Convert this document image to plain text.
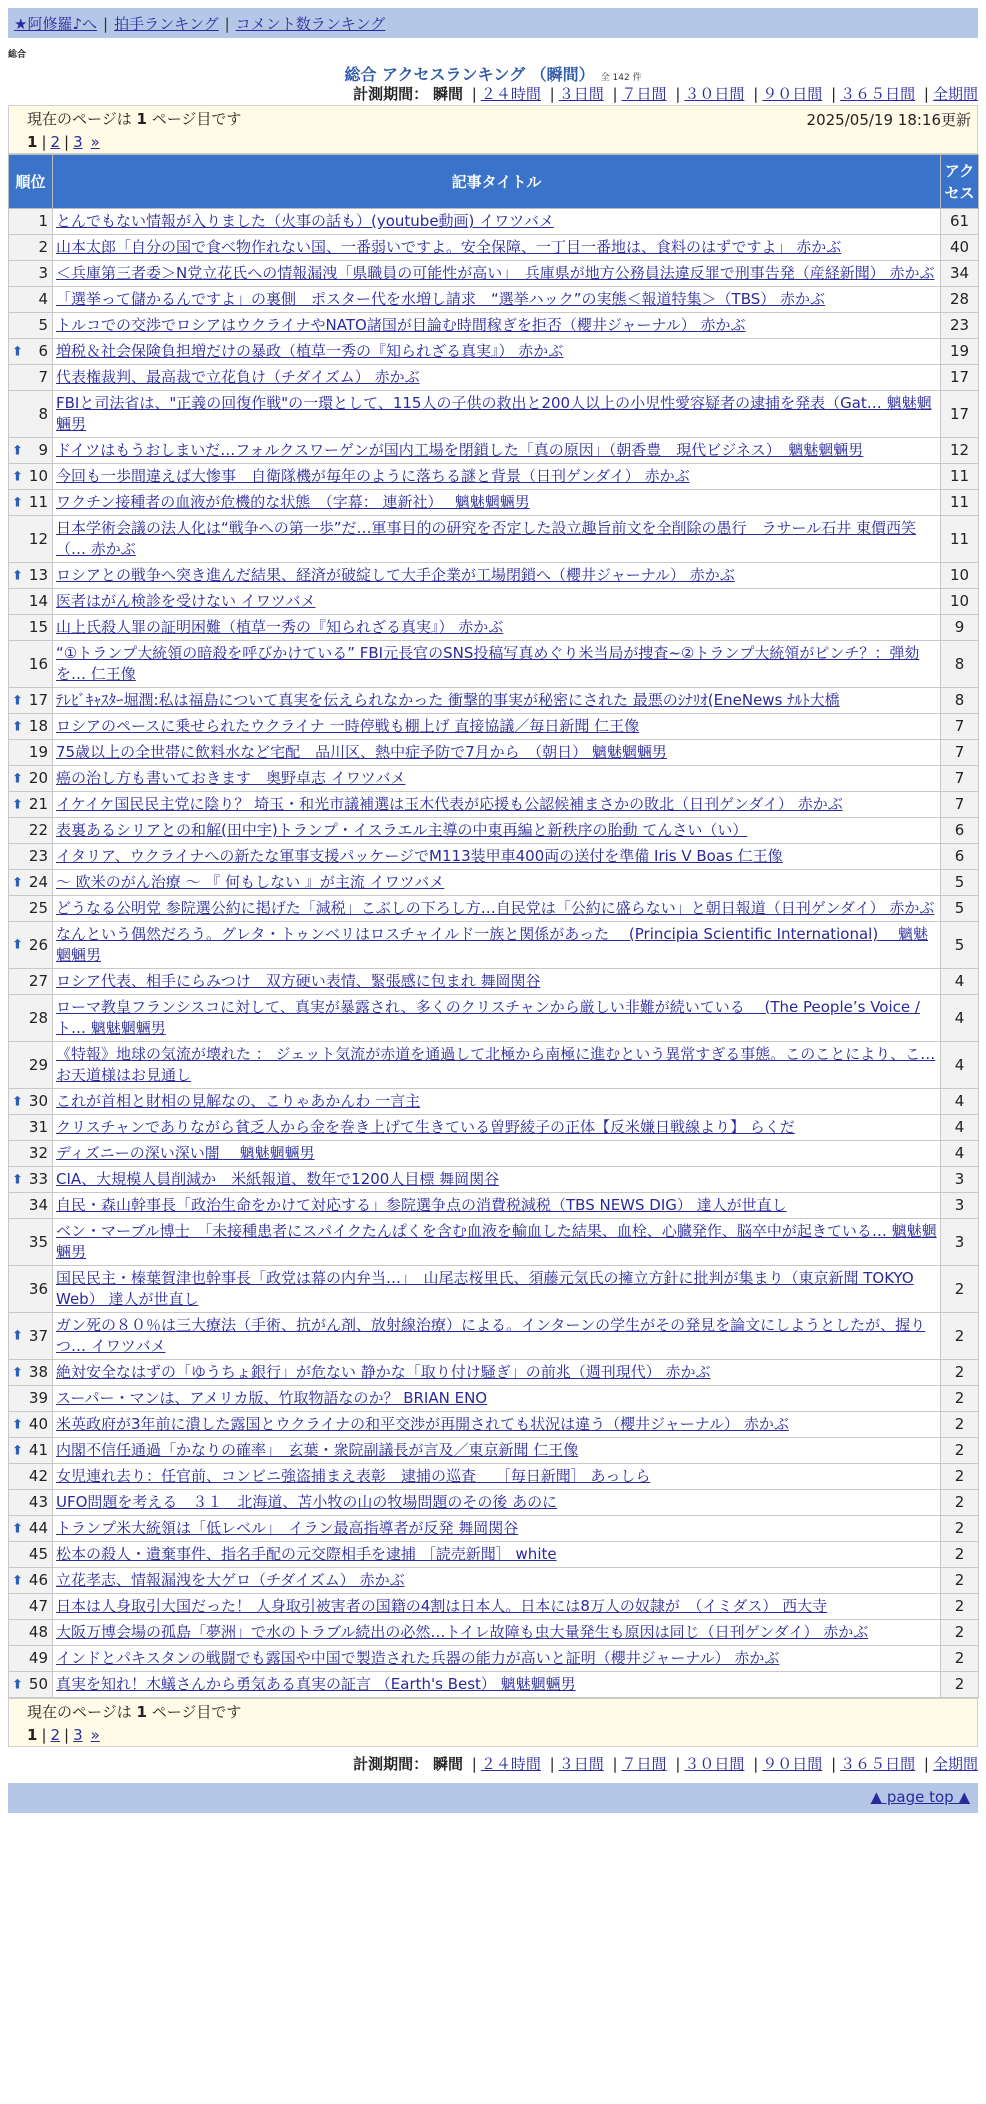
★阿修羅♪へ | 拍手ランキング | コメント数ランキング
総合
総合 アクセスランキング （瞬間） 全 142 件
計測期間： 瞬間 | ２４時間 | ３日間 | ７日間 | ３０日間 | ９０日間 | ３６５日間 | 全期間
現在のページは 1 ページ目です	2025/05/19 18:16更新
1 | 2 | 3 »
順位	記事タイトル	アクセス
1	とんでもない情報が入りました（火事の話も）(youtube動画) イワツバメ	61
2	山本太郎「自分の国で食べ物作れない国、一番弱いですよ。安全保障、一丁目一番地は、食料のはずですよ」 赤かぶ	40
3	＜兵庫第三者委＞N党立花氏への情報漏洩「県職員の可能性が高い」　兵庫県が地方公務員法違反罪で刑事告発（産経新聞） 赤かぶ	34
4	「選挙って儲かるんですよ」の裏側　ポスター代を水増し請求　“選挙ハック”の実態＜報道特集＞（TBS） 赤かぶ	28
5	トルコでの交渉でロシアはウクライナやNATO諸国が目論む時間稼ぎを拒否（櫻井ジャーナル） 赤かぶ	23

⬆ 6	増税＆社会保険負担増だけの暴政（植草一秀の『知られざる真実』） 赤かぶ	19
7	代表権裁判、最高裁で立花負け（チダイズム） 赤かぶ	17
8	FBIと司法省は、"正義の回復作戦"の一環として、115人の子供の救出と200人以上の小児性愛容疑者の逮捕を発表（Gat… 魑魅魍魎男	17

⬆ 9	ドイツはもうおしまいだ…フォルクスワーゲンが国内工場を閉鎖した「真の原因」（朝香豊　現代ビジネス）　魑魅魍魎男	12

⬆ 10	今回も一歩間違えば大惨事　自衛隊機が毎年のように落ちる謎と背景（日刊ゲンダイ） 赤かぶ	11

⬆ 11	ワクチン接種者の血液が危機的な状態　（字幕： 連新社）　 魑魅魍魎男	11
12	日本学術会議の法人化は“戦争への第一歩”だ…軍事目的の研究を否定した設立趣旨前文を全削除の愚行　ラサール石井 東價西笑（… 赤かぶ	11

⬆ 13	ロシアとの戦争へ突き進んだ結果、経済が破綻して大手企業が工場閉鎖へ（櫻井ジャーナル） 赤かぶ	10
14	医者はがん検診を受けない イワツバメ	10
15	山上氏殺人罪の証明困難（植草一秀の『知られざる真実』） 赤かぶ	9
16	“①トランプ大統領の暗殺を呼びかけている” FBI元長官のSNS投稿写真めぐり米当局が捜査~②トランプ大統領がピンチ？：弾劾を… 仁王像	8

⬆ 17	ﾃﾚﾋﾞｷｬｽﾀｰ堀潤:私は福島について真実を伝えられなかった 衝撃的事実が秘密にされた 最悪のｼﾅﾘｵ(EneNews ﾅﾙﾄ大橋	8

⬆ 18	ロシアのペースに乗せられたウクライナ 一時停戦も棚上げ 直接協議／毎日新聞 仁王像	7
19	75歳以上の全世帯に飲料水など宅配　品川区、熱中症予防で7月から　（朝日） 魑魅魍魎男	7

⬆ 20	癌の治し方も書いておきます　奥野卓志 イワツバメ	7

⬆ 21	イケイケ国民民主党に陰り？ 埼玉・和光市議補選は玉木代表が応援も公認候補まさかの敗北（日刊ゲンダイ） 赤かぶ	7
22	表裏あるシリアとの和解(田中宇)トランプ・イスラエル主導の中東再編と新秩序の胎動 てんさい（い）	6
23	イタリア、ウクライナへの新たな軍事支援パッケージでM113装甲車400両の送付を準備 Iris V Boas 仁王像	6

⬆ 24	〜 欧米のがん治療 〜 『 何もしない 』が主流 イワツバメ	5
25	どうなる公明党 参院選公約に掲げた「減税」こぶしの下ろし方…自民党は「公約に盛らない」と朝日報道（日刊ゲンダイ） 赤かぶ	5

⬆ 26	なんという偶然だろう。グレタ・トゥンベリはロスチャイルド一族と関係があった　 (Principia Scientific International)　 魑魅魍魎男	5
27	ロシア代表、相手にらみつけ　双方硬い表情、緊張感に包まれ 舞岡関谷	4
28	ローマ教皇フランシスコに対して、真実が暴露され、多くのクリスチャンから厳しい非難が続いている　 (The People’s Voice / ト… 魑魅魍魎男	4
29	《特報》地球の気流が壊れた ： ジェット気流が赤道を通過して北極から南極に進むという異常すぎる事態。このことにより、こ… お天道様はお見通し	4

⬆ 30	これが首相と財相の見解なの、こりゃあかんわ 一言主	4
31	クリスチャンでありながら貧乏人から金を巻き上げて生きている曽野綾子の正体【反米嫌日戦線より】 らくだ	4
32	ディズニーの深い深い闇　 魑魅魍魎男	4

⬆ 33	CIA、大規模人員削減か　米紙報道、数年で1200人目標 舞岡関谷	3
34	自民・森山幹事長「政治生命をかけて対応する」参院選争点の消費税減税（TBS NEWS DIG） 達人が世直し	3
35	ベン・マーブル博士　「未接種患者にスパイクたんぱくを含む血液を輸血した結果、血栓、心臓発作、脳卒中が起きている… 魑魅魍魎男	3
36	国民民主・榛葉賀津也幹事長「政党は幕の内弁当…」　山尾志桜里氏、須藤元気氏の擁立方針に批判が集まり（東京新聞 TOKYO Web） 達人が世直し	2

⬆ 37	ガン死の８０％は三大療法（手術、抗がん剤、放射線治療）による。インターンの学生がその発見を論文にしようとしたが、握りつ… イワツバメ	2

⬆ 38	絶対安全なはずの「ゆうちょ銀行」が危ない 静かな「取り付け騒ぎ」の前兆（週刊現代） 赤かぶ	2
39	スーパー・マンは、アメリカ版、竹取物語なのか？ BRIAN ENO	2

⬆ 40	米英政府が3年前に潰した露国とウクライナの和平交渉が再開されても状況は違う（櫻井ジャーナル） 赤かぶ	2

⬆ 41	内閣不信任通過「かなりの確率」　玄葉・衆院副議長が言及／東京新聞 仁王像	2
42	女児連れ去り：任官前、コンビニ強盗捕まえ表彰　逮捕の巡査　 ［毎日新聞］ あっしら	2
43	UFO問題を考える　３１　北海道、苫小牧の山の牧場問題のその後 あのに	2

⬆ 44	トランプ米大統領は「低レベル」　イラン最高指導者が反発 舞岡関谷	2
45	松本の殺人・遺棄事件、指名手配の元交際相手を逮捕 ［読売新聞］ white	2

⬆ 46	立花孝志、情報漏洩を大ゲロ（チダイズム） 赤かぶ	2
47	日本は人身取引大国だった！ 人身取引被害者の国籍の4割は日本人。日本には8万人の奴隷が　（イミダス） 西大寺	2
48	大阪万博会場の孤島「夢洲」で水のトラブル続出の必然…トイレ故障も虫大量発生も原因は同じ（日刊ゲンダイ） 赤かぶ	2
49	インドとパキスタンの戦闘でも露国や中国で製造された兵器の能力が高いと証明（櫻井ジャーナル） 赤かぶ	2

⬆ 50	真実を知れ！木蟻さんから勇気ある真実の証言 （Earth's Best） 魑魅魍魎男	2
現在のページは 1 ページ目です
1 | 2 | 3 »
計測期間： 瞬間 | ２４時間 | ３日間 | ７日間 | ３０日間 | ９０日間 | ３６５日間 | 全期間
▲ page top ▲
